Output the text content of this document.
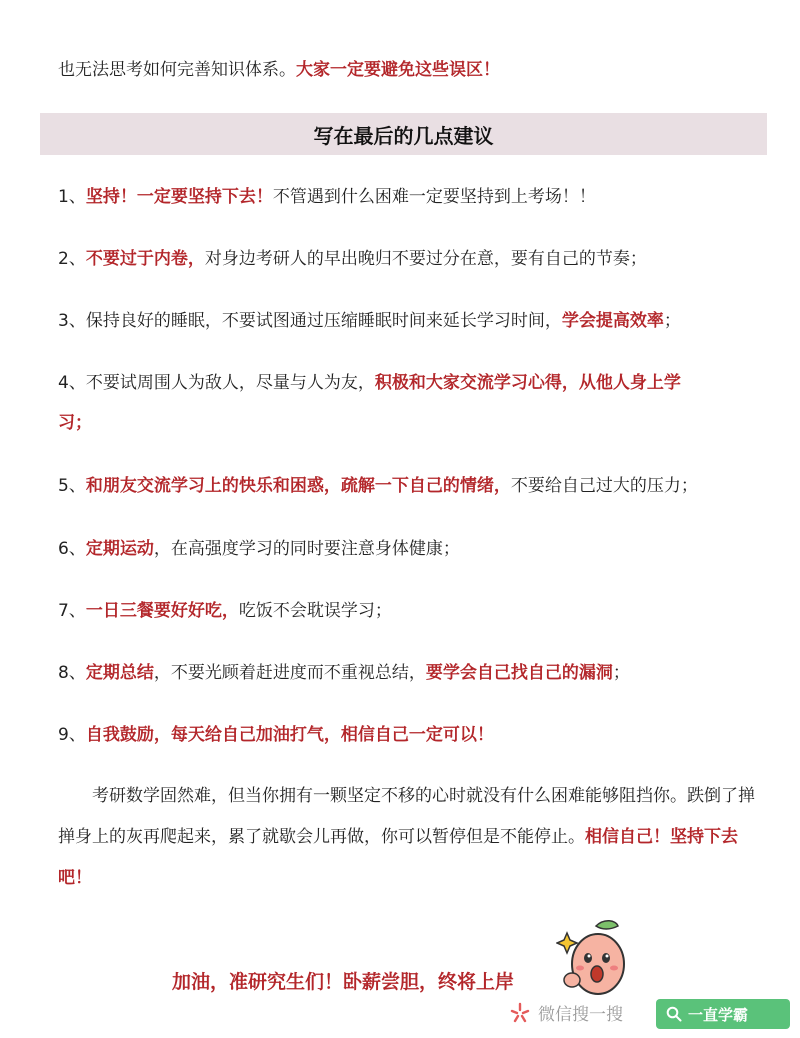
也无法思考如何完善知识体系。大家一定要避免这些误区！
写在最后的几点建议
1、坚持！一定要坚持下去！不管遇到什么困难一定要坚持到上考场！！
2、不要过于内卷，对身边考研人的早出晚归不要过分在意，要有自己的节奏；
3、保持良好的睡眠，不要试图通过压缩睡眠时间来延长学习时间，学会提高效率；
4、不要试周围人为敌人，尽量与人为友，积极和大家交流学习心得，从他人身上学
习；
5、和朋友交流学习上的快乐和困惑，疏解一下自己的情绪，不要给自己过大的压力；
6、定期运动，在高强度学习的同时要注意身体健康；
7、一日三餐要好好吃，吃饭不会耽误学习；
8、定期总结，不要光顾着赶进度而不重视总结，要学会自己找自己的漏洞；
9、自我鼓励，每天给自己加油打气，相信自己一定可以！
考研数学固然难，但当你拥有一颗坚定不移的心时就没有什么困难能够阻挡你。跌倒了掸掸身上的灰再爬起来，累了就歇会儿再做，你可以暂停但是不能停止。相信自己！坚持下去吧！
加油，准研究生们！卧薪尝胆，终将上岸
微信搜一搜	一直学霸
